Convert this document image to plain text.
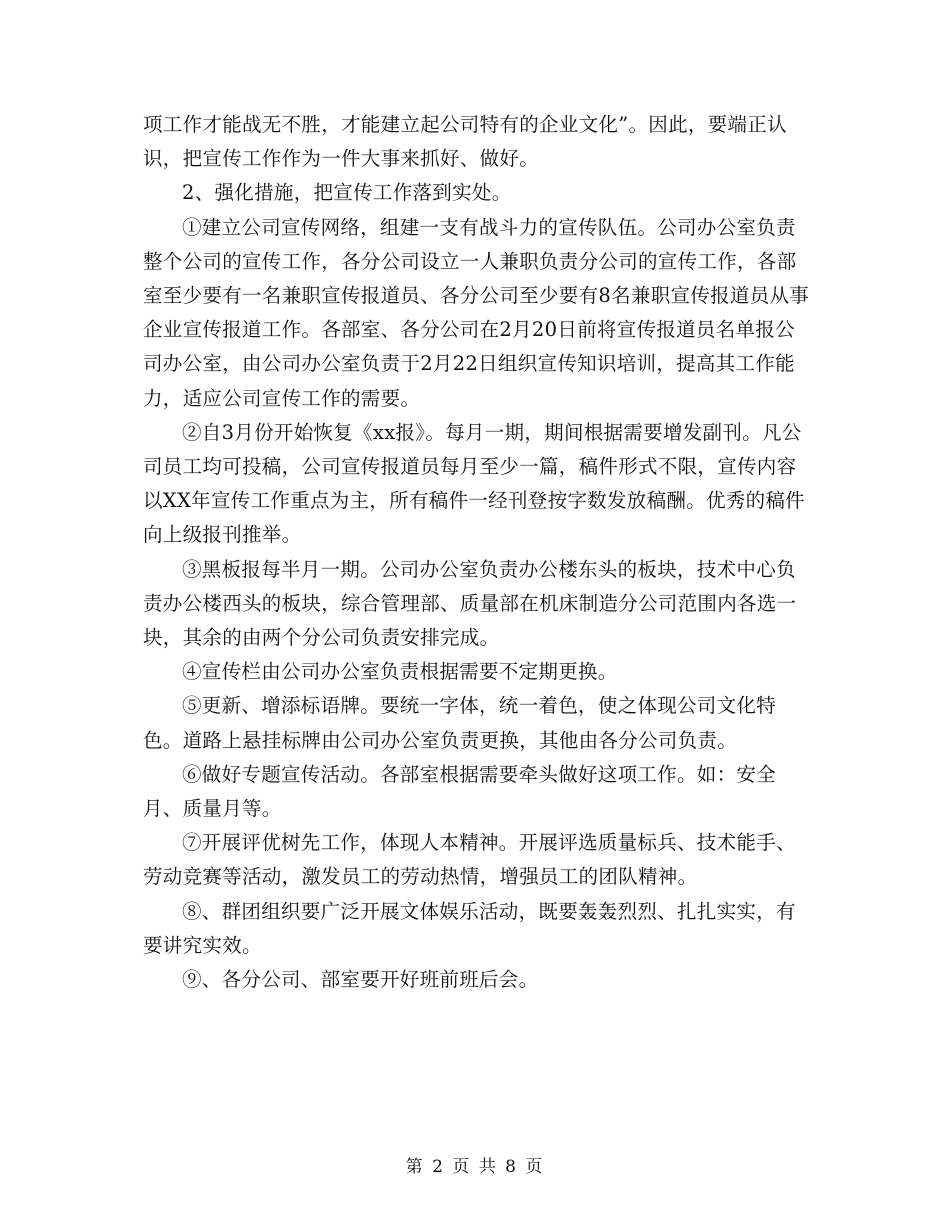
项工作才能战无不胜，才能建立起公司特有的企业文化”。因此，要端正认识，把宣传工作作为一件大事来抓好、做好。

2、强化措施，把宣传工作落到实处。

①建立公司宣传网络，组建一支有战斗力的宣传队伍。公司办公室负责整个公司的宣传工作，各分公司设立一人兼职负责分公司的宣传工作，各部室至少要有一名兼职宣传报道员、各分公司至少要有8名兼职宣传报道员从事企业宣传报道工作。各部室、各分公司在2月20日前将宣传报道员名单报公司办公室，由公司办公室负责于2月22日组织宣传知识培训，提高其工作能力，适应公司宣传工作的需要。

②自3月份开始恢复《xx报》。每月一期，期间根据需要增发副刊。凡公司员工均可投稿，公司宣传报道员每月至少一篇，稿件形式不限，宣传内容以XX年宣传工作重点为主，所有稿件一经刊登按字数发放稿酬。优秀的稿件向上级报刊推举。

③黑板报每半月一期。公司办公室负责办公楼东头的板块，技术中心负责办公楼西头的板块，综合管理部、质量部在机床制造分公司范围内各选一块，其余的由两个分公司负责安排完成。

④宣传栏由公司办公室负责根据需要不定期更换。

⑤更新、增添标语牌。要统一字体，统一着色，使之体现公司文化特色。道路上悬挂标牌由公司办公室负责更换，其他由各分公司负责。

⑥做好专题宣传活动。各部室根据需要牵头做好这项工作。如：安全月、质量月等。

⑦开展评优树先工作，体现人本精神。开展评选质量标兵、技术能手、劳动竞赛等活动，激发员工的劳动热情，增强员工的团队精神。

⑧、群团组织要广泛开展文体娱乐活动，既要轰轰烈烈、扎扎实实，有要讲究实效。

⑨、各分公司、部室要开好班前班后会。

第 2 页 共 8 页
